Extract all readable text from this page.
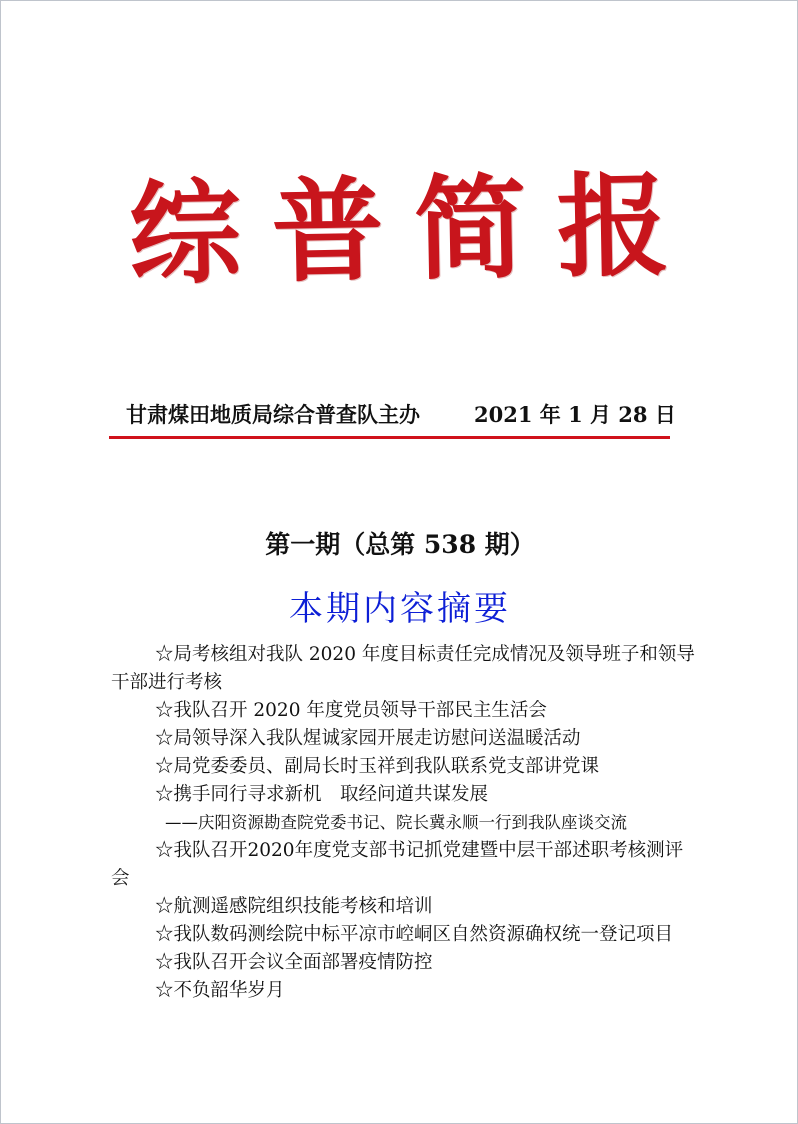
综 普 简 报
甘肃煤田地质局综合普查队主办	2021 年 1 月 28 日
第一期（总第 538 期）
本期内容摘要
☆局考核组对我队 2020 年度目标责任完成情况及领导班子和领导干部进行考核
☆我队召开 2020 年度党员领导干部民主生活会
☆局领导深入我队煋诚家园开展走访慰问送温暖活动
☆局党委委员、副局长时玉祥到我队联系党支部讲党课
☆携手同行寻求新机　取经问道共谋发展
——庆阳资源勘查院党委书记、院长冀永顺一行到我队座谈交流
☆我队召开2020年度党支部书记抓党建暨中层干部述职考核测评会
☆航测遥感院组织技能考核和培训
☆我队数码测绘院中标平凉市崆峒区自然资源确权统一登记项目
☆我队召开会议全面部署疫情防控
☆不负韶华岁月
